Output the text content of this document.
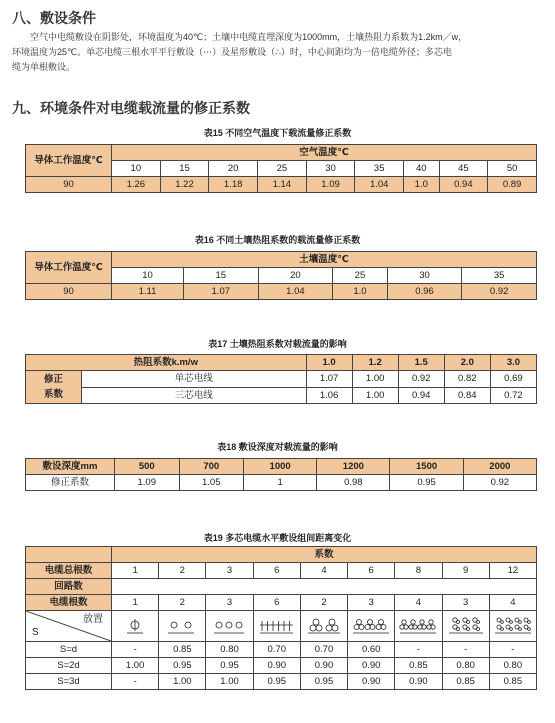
八、敷设条件
空气中电缆敷设在阴影处，环境温度为40℃；土壤中电缆直埋深度为1000mm，土壤热阻力系数为1.2km／w，
环境温度为25℃。单芯电缆三根水平平行敷设（⋯）及星形敷设（∴）时，中心间距均为一倍电缆外径；多芯电
缆为单根敷设。
九、环境条件对电缆载流量的修正系数
表15 不同空气温度下载流量修正系数
导体工作温度℃	空气温度℃								
	10	15	20	25	30	35	40	45	50
90	1.26	1.22	1.18	1.14	1.09	1.04	1.0	0.94	0.89
表16 不同土壤热阻系数的载流量修正系数
导体工作温度℃	土壤温度℃					
	10	15	20	25	30	35
90	1.11	1.07	1.04	1.0	0.96	0.92
表17 土壤热阻系数对载流量的影响
热阻系数k.m/w		1.0	1.2	1.5	2.0	3.0

修正
系数	单芯电线	1.07	1.00	0.92	0.82	0.69
	三芯电线	1.06	1.00	0.94	0.84	0.72
表18 敷设深度对载流量的影响
敷设深度mm	500	700	1000	1200	1500	2000
修正系数	1.09	1.05	1	0.98	0.95	0.92
表19 多芯电缆水平敷设组间距离变化
	系数								
电缆总根数	1	2	3	6	4	6	8	9	12
回路数									
电缆根数	1	2	3	6	2	3	4	3	4

放置
S

S=d	-	0.85	0.80	0.70	0.70	0.60	-	-	-
S=2d	1.00	0.95	0.95	0.90	0.90	0.90	0.85	0.80	0.80
S=3d	-	1.00	1.00	0.95	0.95	0.90	0.90	0.85	0.85
